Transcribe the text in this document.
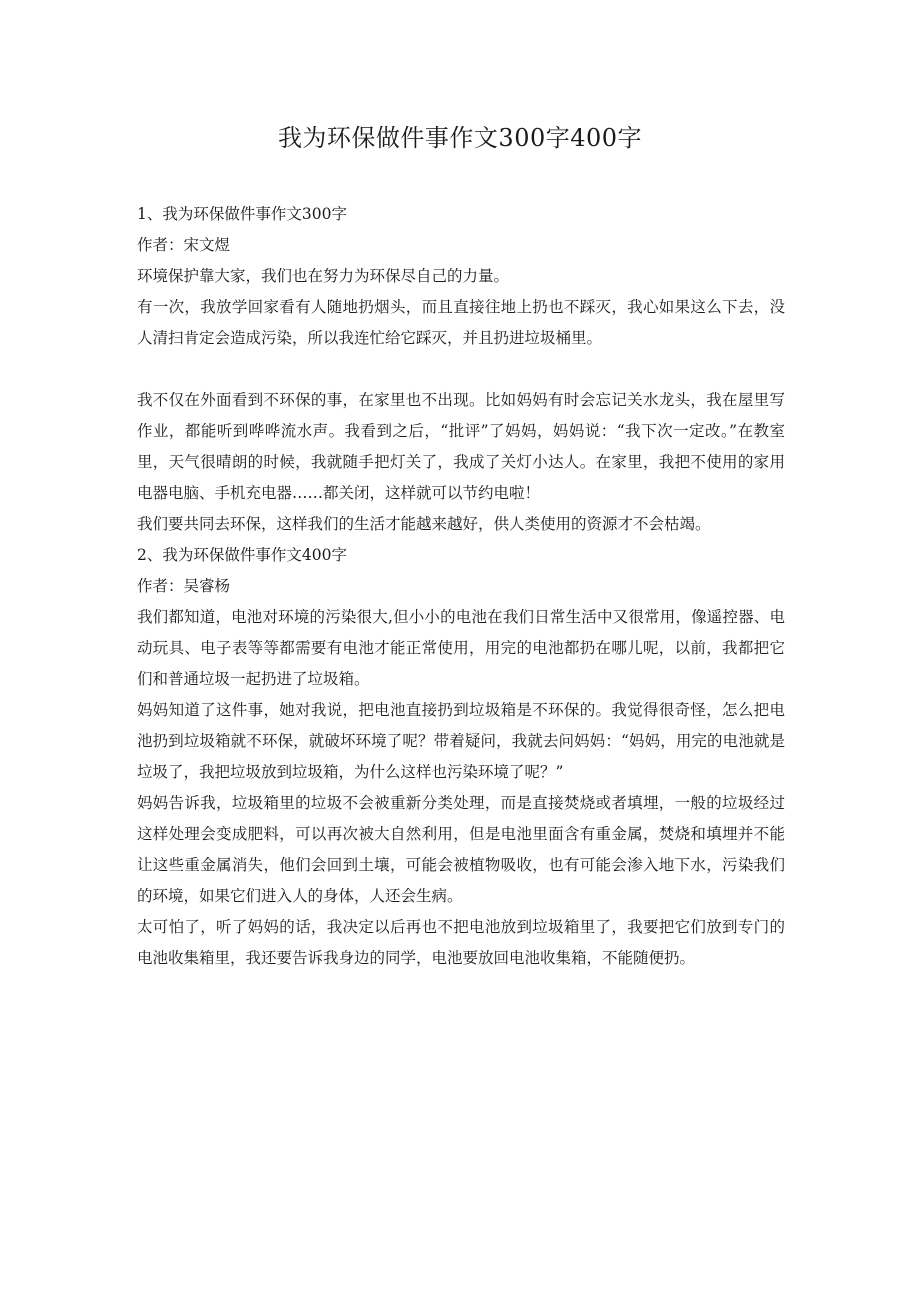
我为环保做件事作文300字400字

1、我为环保做件事作文300字

作者：宋文煜

环境保护靠大家，我们也在努力为环保尽自己的力量。

有一次，我放学回家看有人随地扔烟头，而且直接往地上扔也不踩灭，我心如果这么下去，没人清扫肯定会造成污染，所以我连忙给它踩灭，并且扔进垃圾桶里。

我不仅在外面看到不环保的事，在家里也不出现。比如妈妈有时会忘记关水龙头，我在屋里写作业，都能听到哗哗流水声。我看到之后，“批评”了妈妈，妈妈说：“我下次一定改。”在教室里，天气很晴朗的时候，我就随手把灯关了，我成了关灯小达人。在家里，我把不使用的家用电器电脑、手机充电器……都关闭，这样就可以节约电啦！

我们要共同去环保，这样我们的生活才能越来越好，供人类使用的资源才不会枯竭。

2、我为环保做件事作文400字

作者：吴睿杨

我们都知道，电池对环境的污染很大,但小小的电池在我们日常生活中又很常用，像遥控器、电动玩具、电子表等等都需要有电池才能正常使用，用完的电池都扔在哪儿呢，以前，我都把它们和普通垃圾一起扔进了垃圾箱。

妈妈知道了这件事，她对我说，把电池直接扔到垃圾箱是不环保的。我觉得很奇怪，怎么把电池扔到垃圾箱就不环保，就破坏环境了呢？带着疑问，我就去问妈妈：“妈妈，用完的电池就是垃圾了，我把垃圾放到垃圾箱，为什么这样也污染环境了呢？”

妈妈告诉我，垃圾箱里的垃圾不会被重新分类处理，而是直接焚烧或者填埋，一般的垃圾经过这样处理会变成肥料，可以再次被大自然利用，但是电池里面含有重金属，焚烧和填埋并不能让这些重金属消失，他们会回到土壤，可能会被植物吸收，也有可能会渗入地下水，污染我们的环境，如果它们进入人的身体，人还会生病。

太可怕了，听了妈妈的话，我决定以后再也不把电池放到垃圾箱里了，我要把它们放到专门的电池收集箱里，我还要告诉我身边的同学，电池要放回电池收集箱，不能随便扔。
